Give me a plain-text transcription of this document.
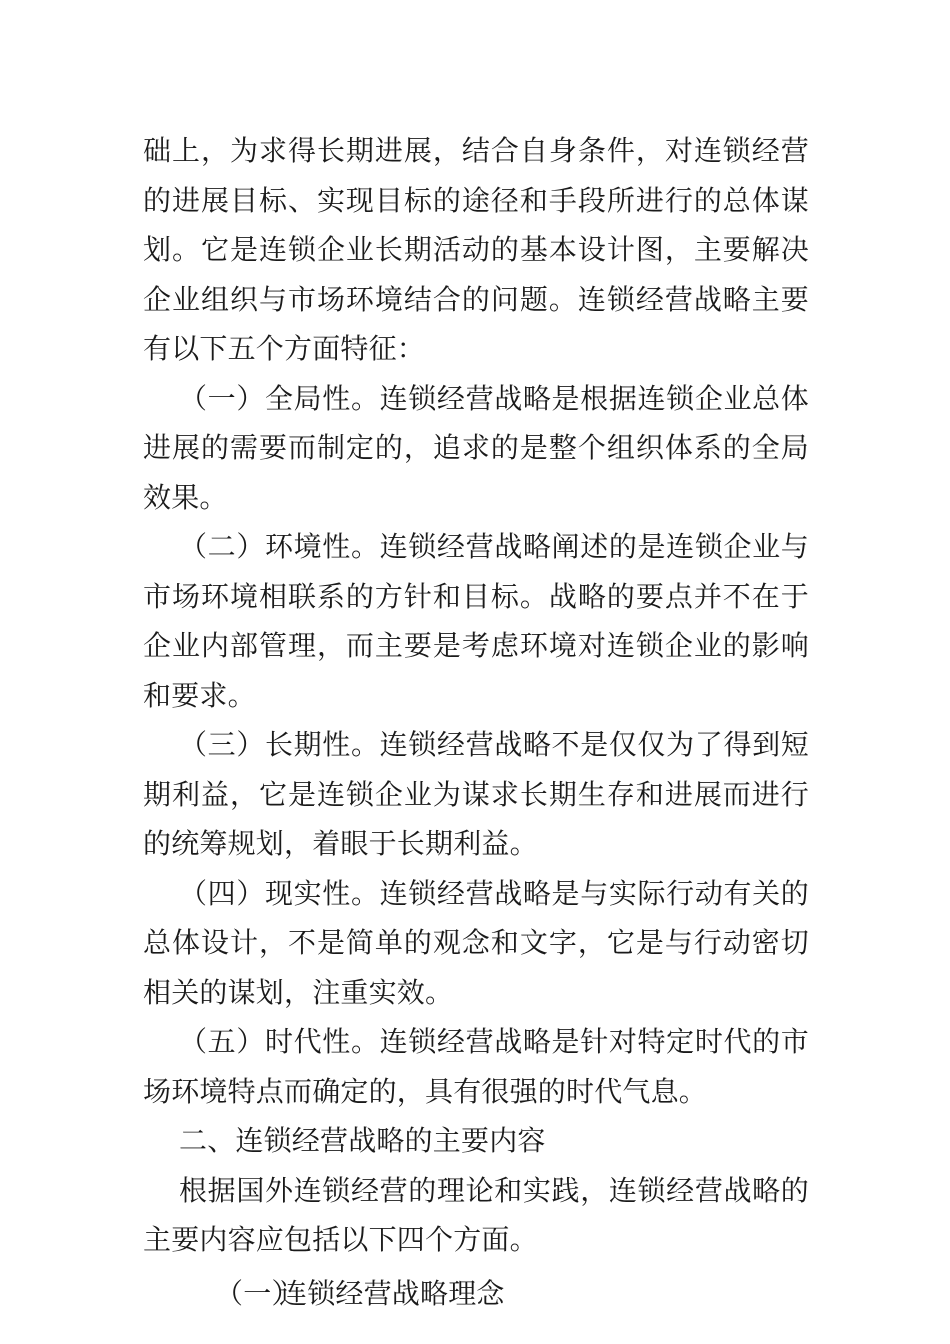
础上，为求得长期进展，结合自身条件，对连锁经营的进展目标、实现目标的途径和手段所进行的总体谋划。它是连锁企业长期活动的基本设计图，主要解决企业组织与市场环境结合的问题。连锁经营战略主要有以下五个方面特征：

（一）全局性。连锁经营战略是根据连锁企业总体进展的需要而制定的，追求的是整个组织体系的全局效果。

（二）环境性。连锁经营战略阐述的是连锁企业与市场环境相联系的方针和目标。战略的要点并不在于企业内部管理，而主要是考虑环境对连锁企业的影响和要求。

（三）长期性。连锁经营战略不是仅仅为了得到短期利益，它是连锁企业为谋求长期生存和进展而进行的统筹规划，着眼于长期利益。

（四）现实性。连锁经营战略是与实际行动有关的总体设计，不是简单的观念和文字，它是与行动密切相关的谋划，注重实效。

（五）时代性。连锁经营战略是针对特定时代的市场环境特点而确定的，具有很强的时代气息。

二、连锁经营战略的主要内容

根据国外连锁经营的理论和实践，连锁经营战略的主要内容应包括以下四个方面。

（一）连锁经营战略理念
